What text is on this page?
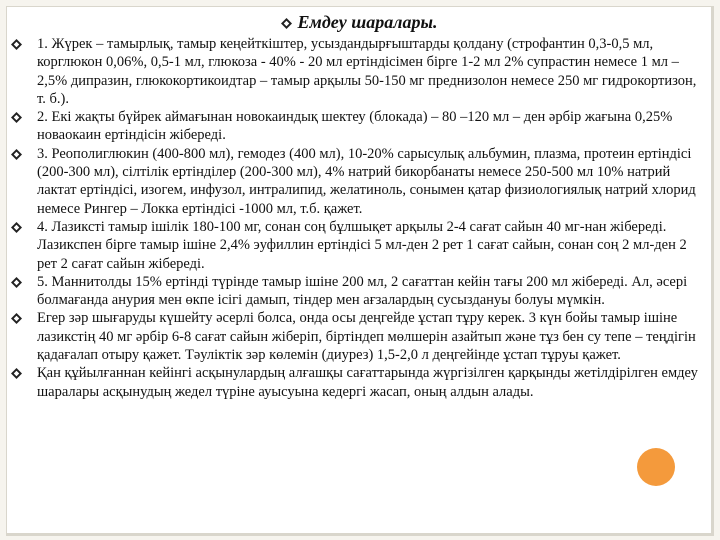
Емдеу шаралары.
1. Жүрек – тамырлық, тамыр кеңейткіштер, усыздандырғыштарды қолдану (строфантин 0,3-0,5 мл, корглюкон 0,06%, 0,5-1 мл, глюкоза - 40% - 20 мл ертіндісімен бірге 1-2 мл 2% супрастин немесе 1 мл –2,5% дипразин, глюкокортикоидтар – тамыр арқылы 50-150 мг преднизолон немесе 250 мг гидрокортизон, т. б.).
2. Екі жақты бүйрек аймағынан новокаиндық шектеу (блокада) – 80 –120 мл – ден әрбір жағына 0,25% новаокаин ертіндісін жібереді.
3. Реополиглюкин (400-800 мл), гемодез (400 мл), 10-20% сарысулық альбумин, плазма, протеин ертіндісі (200-300 мл), сілтілік ертінділер (200-300 мл), 4% натрий бикорбанаты немесе 250-500 мл 10% натрий лактат ертіндісі, изогем, инфузол, интралипид, желатиноль, сонымен қатар физиологиялық натрий хлорид немесе Рингер – Локка ертіндісі -1000 мл, т.б. қажет.
4. Лазиксті тамыр ішілік 180-100 мг, сонан соң бұлшықет арқылы 2-4 сағат сайын 40 мг-нан жібереді. Лазикспен бірге тамыр ішіне 2,4% эуфиллин ертіндісі 5 мл-ден 2 рет 1 сағат сайын, сонан соң 2 мл-ден 2 рет 2 сағат сайын жібереді.
5. Маннитолды 15% ертінді түрінде тамыр ішіне 200 мл, 2 сағаттан кейін тағы 200 мл жібереді. Ал, әсері болмағанда анурия мен өкпе ісігі дамып, тіндер мен ағзалардың сусыздануы болуы мүмкін.
Егер зәр шығаруды күшейту әсерлі болса, онда осы деңгейде ұстап тұру керек. 3 күн бойы тамыр ішіне лазикстің 40 мг әрбір 6-8 сағат сайын жіберіп, біртіндеп мөлшерін азайтып және тұз бен су тепе – теңдігін қадағалап отыру қажет. Тәуліктік зәр көлемін (диурез) 1,5-2,0 л деңгейінде ұстап тұруы қажет.
Қан құйылғаннан кейінгі асқынулардың алғашқы сағаттарында жүргізілген қарқынды жетілдірілген емдеу шаралары асқынудың жедел түріне ауысуына кедергі жасап, оның алдын алады.
